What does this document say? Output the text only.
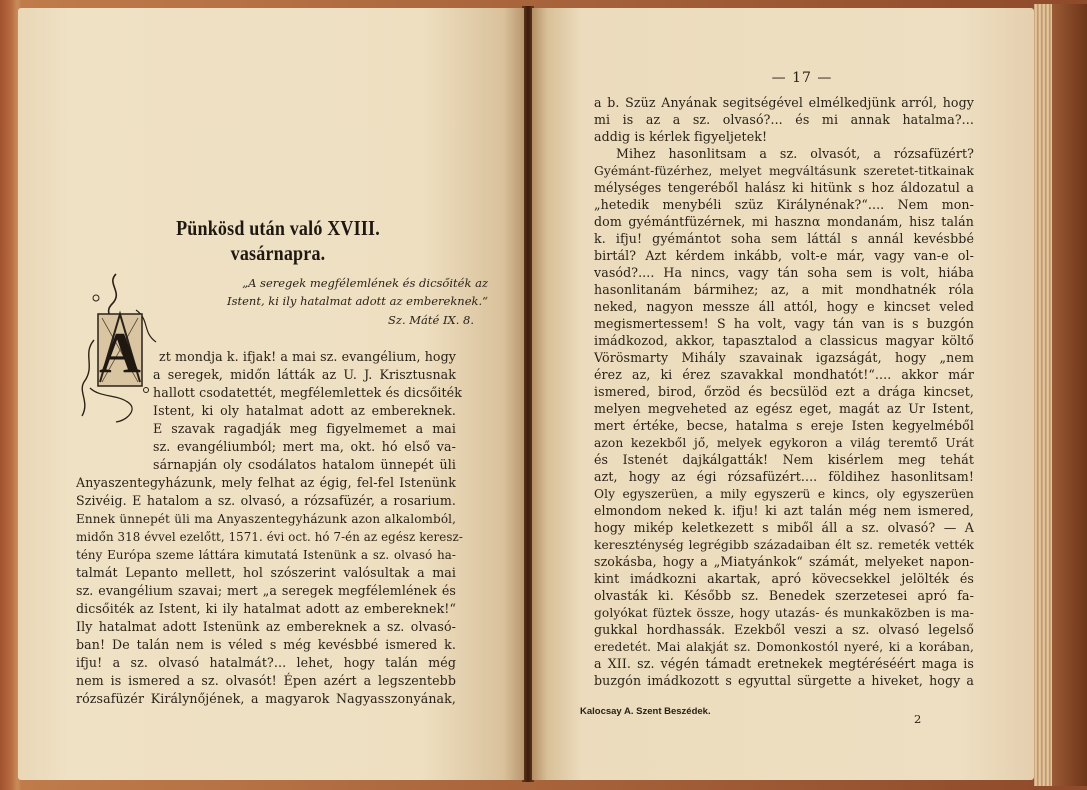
Pünkösd után való XVIII. vasárnapra.
„A seregek megfélemlének és dicsőiték az
Istent, ki ily hatalmat adott az embereknek.“
Sz. Máté IX. 8.
A zt mondja k. ifjak! a mai sz. evangélium, hogy
a seregek, midőn látták az U. J. Krisztusnak
hallott csodatettét, megfélemlettek és dicsőiték
Istent, ki oly hatalmat adott az embereknek.
E szavak ragadják meg figyelmemet a mai
sz. evangéliumból; mert ma, okt. hó első va-
sárnapján oly csodálatos hatalom ünnepét üli
Anyaszentegyházunk, mely felhat az égig, fel-fel Istenünk
Szivéig. E hatalom a sz. olvasó, a rózsafüzér, a rosarium.
Ennek ünnepét üli ma Anyaszentegyházunk azon alkalomból,
midőn 318 évvel ezelőtt, 1571. évi oct. hó 7-én az egész keresz-
tény Európa szeme láttára kimutatá Istenünk a sz. olvasó ha-
talmát Lepanto mellett, hol szószerint valósultak a mai
sz. evangélium szavai; mert „a seregek megfélemlének és
dicsőiték az Istent, ki ily hatalmat adott az embereknek!“
Ily hatalmat adott Istenünk az embereknek a sz. olvasó-
ban! De talán nem is véled s még kevésbbé ismered k.
ifju! a sz. olvasó hatalmát?... lehet, hogy talán még
nem is ismered a sz. olvasót! Épen azért a legszentebb
rózsafüzér Királynőjének, a magyarok Nagyasszonyának,
— 17 —
a b. Szüz Anyának segitségével elmélkedjünk arról, hogy
mi is az a sz. olvasó?... és mi annak hatalma?...
addig is kérlek figyeljetek!
Mihez hasonlitsam a sz. olvasót, a rózsafüzért?
Gyémánt-füzérhez, melyet megváltásunk szeretet-titkainak
mélységes tengeréből halász ki hitünk s hoz áldozatul a
„hetedik menybéli szüz Királynénak?“.... Nem mon-
dom gyémántfüzérnek, mi hasznα mondanám, hisz talán
k. ifju! gyémántot soha sem láttál s annál kevésbbé
birtál? Azt kérdem inkább, volt-e már, vagy van-e ol-
vasód?.... Ha nincs, vagy tán soha sem is volt, hiába
hasonlitanám bármihez; az, a mit mondhatnék róla
neked, nagyon messze áll attól, hogy e kincset veled
megismertessem! S ha volt, vagy tán van is s buzgón
imádkozod, akkor, tapasztalod a classicus magyar költő
Vörösmarty Mihály szavainak igazságát, hogy „nem
érez az, ki érez szavakkal mondhatót!“.... akkor már
ismered, birod, őrzöd és becsülöd ezt a drága kincset,
melyen megveheted az egész eget, magát az Ur Istent,
mert értéke, becse, hatalma s ereje Isten kegyelméből
azon kezekből jő, melyek egykoron a világ teremtő Urát
és Istenét dajkálgatták! Nem kisérlem meg tehát
azt, hogy az égi rózsafüzért.... földihez hasonlitsam!
Oly egyszerüen, a mily egyszerü e kincs, oly egyszerüen
elmondom neked k. ifju! ki azt talán még nem ismered,
hogy mikép keletkezett s miből áll a sz. olvasó? — A
kereszténység legrégibb századaiban élt sz. remeték vették
szokásba, hogy a „Miatyánkok“ számát, melyeket napon-
kint imádkozni akartak, apró kövecsekkel jelölték és
olvasták ki. Később sz. Benedek szerzetesei apró fa-
golyókat füztek össze, hogy utazás- és munkaközben is ma-
gukkal hordhassák. Ezekből veszi a sz. olvasó legelső
eredetét. Mai alakját sz. Domonkostól nyeré, ki a korában,
a XII. sz. végén támadt eretnekek megtéréséért maga is
buzgón imádkozott s egyuttal sürgette a hiveket, hogy a
Kalocsay A. Szent Beszédek.
2
